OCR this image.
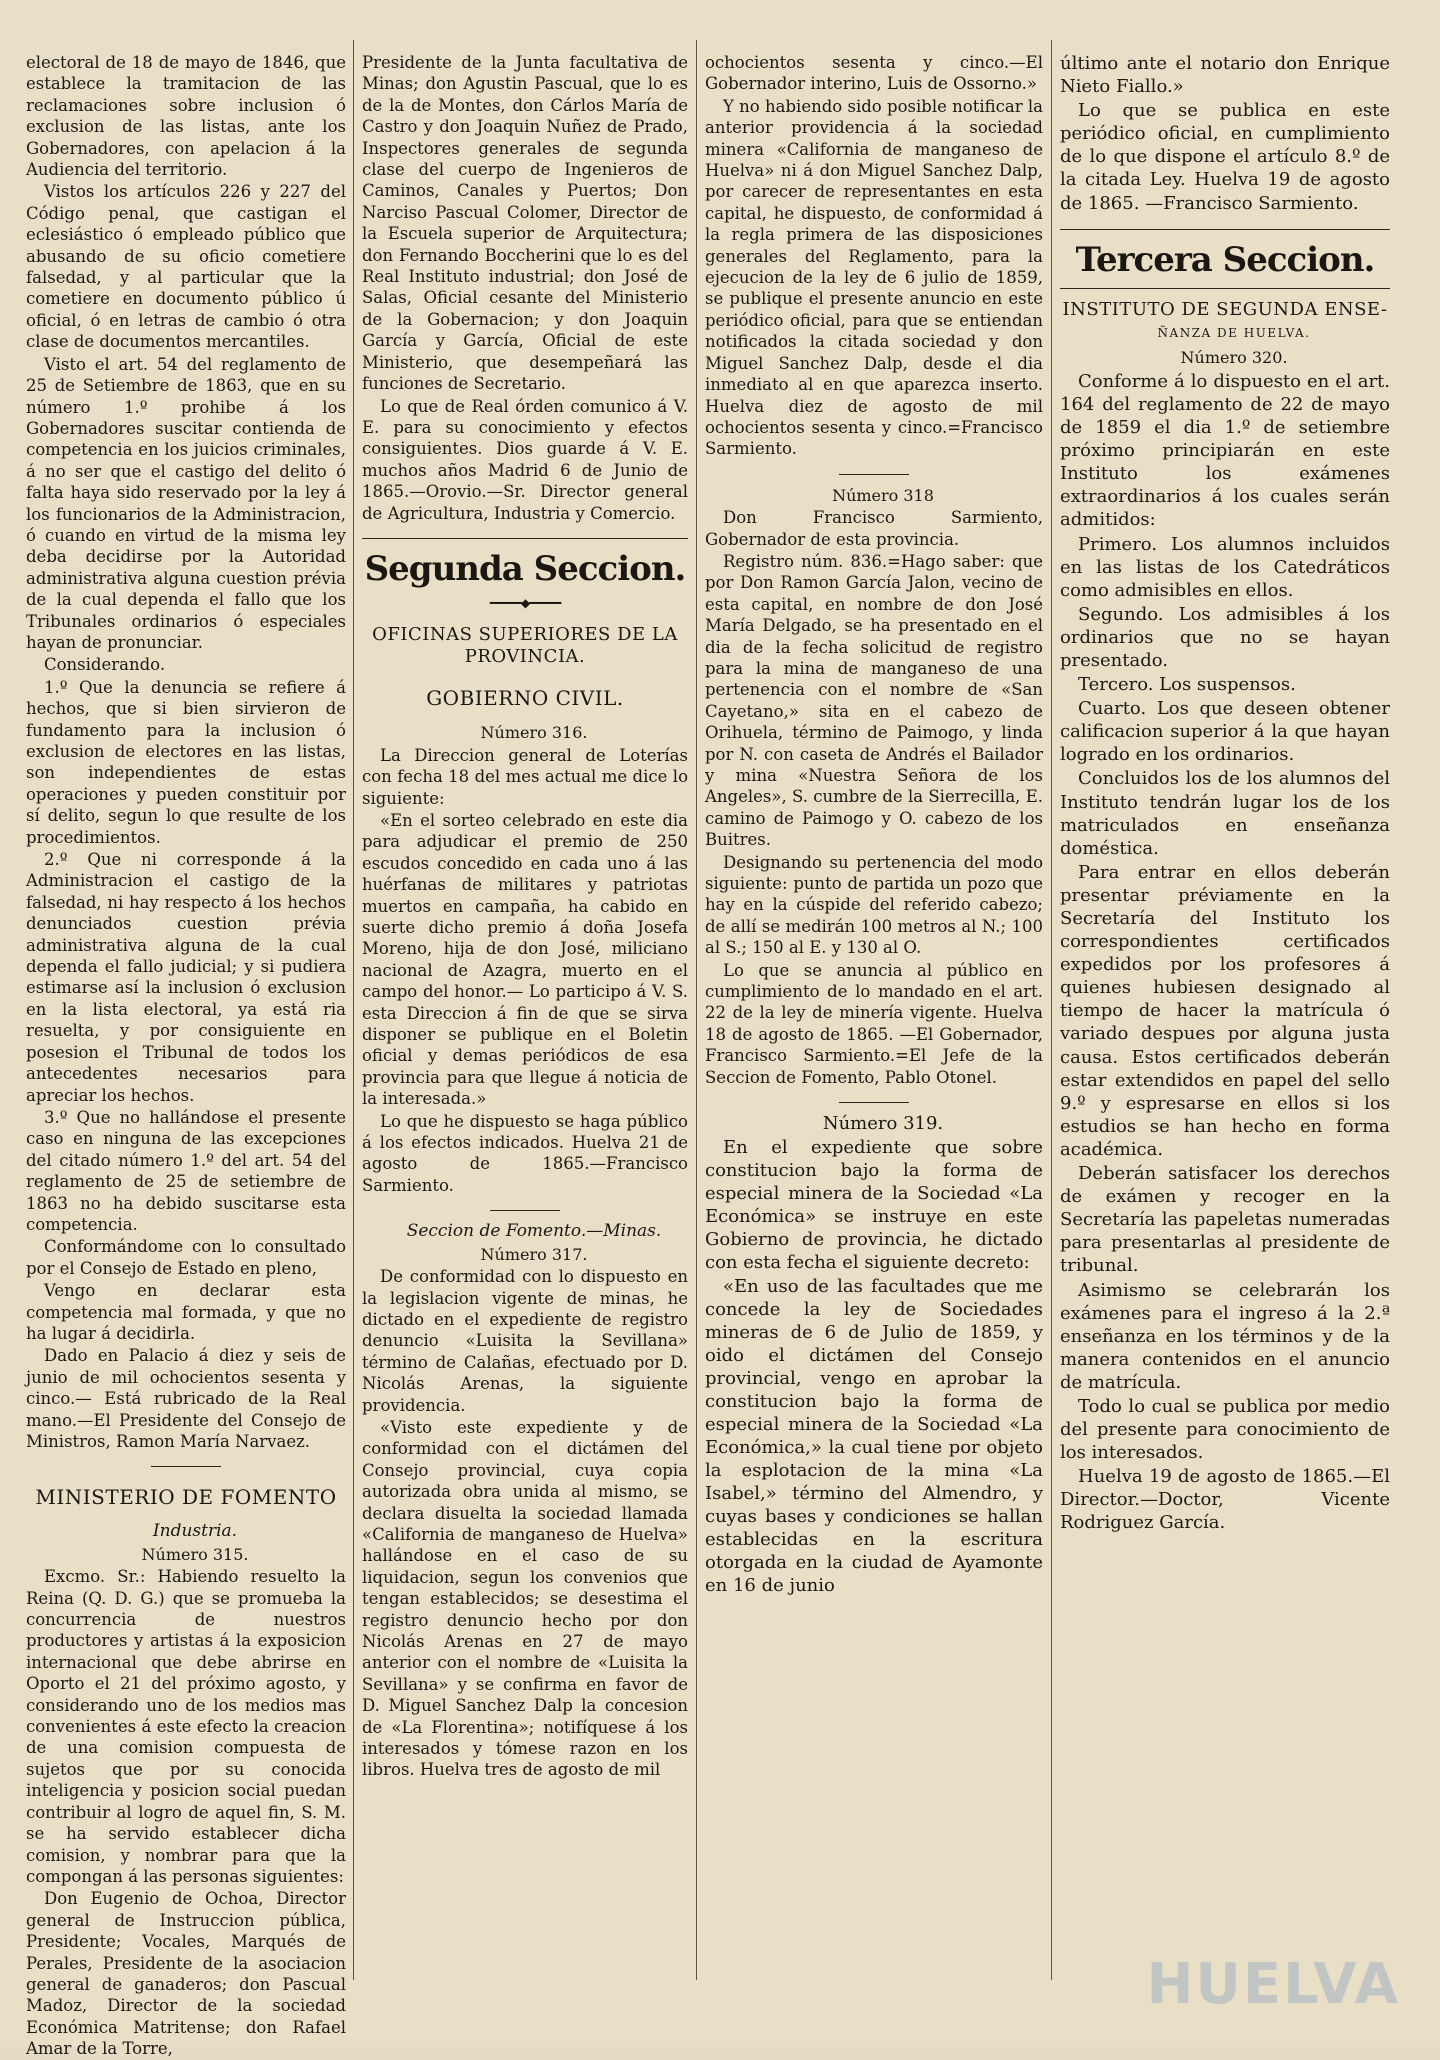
electoral de 18 de mayo de 1846, que establece la tramitacion de las reclamaciones sobre inclusion ó exclusion de las listas, ante los Gobernadores, con apelacion á la Audiencia del territorio.

Vistos los artículos 226 y 227 del Código penal, que castigan el eclesiástico ó empleado público que abusando de su oficio cometiere falsedad, y al particular que la cometiere en documento público ú oficial, ó en letras de cambio ó otra clase de documentos mercantiles.

Visto el art. 54 del reglamento de 25 de Setiembre de 1863, que en su número 1.º prohibe á los Gobernadores suscitar contienda de competencia en los juicios criminales, á no ser que el castigo del delito ó falta haya sido reservado por la ley á los funcionarios de la Administracion, ó cuando en virtud de la misma ley deba decidirse por la Autoridad administrativa alguna cuestion prévia de la cual dependa el fallo que los Tribunales ordinarios ó especiales hayan de pronunciar.

Considerando.

1.º Que la denuncia se refiere á hechos, que si bien sirvieron de fundamento para la inclusion ó exclusion de electores en las listas, son independientes de estas operaciones y pueden constituir por sí delito, segun lo que resulte de los procedimientos.

2.º Que ni corresponde á la Administracion el castigo de la falsedad, ni hay respecto á los hechos denunciados cuestion prévia administrativa alguna de la cual dependa el fallo judicial; y si pudiera estimarse así la inclusion ó exclusion en la lista electoral, ya está ria resuelta, y por consiguiente en posesion el Tribunal de todos los antecedentes necesarios para apreciar los hechos.

3.º Que no hallándose el presente caso en ninguna de las excepciones del citado número 1.º del art. 54 del reglamento de 25 de setiembre de 1863 no ha debido suscitarse esta competencia.

Conformándome con lo consultado por el Consejo de Estado en pleno,

Vengo en declarar esta competencia mal formada, y que no ha lugar á decidirla.

Dado en Palacio á diez y seis de junio de mil ochocientos sesenta y cinco.— Está rubricado de la Real mano.—El Presidente del Consejo de Ministros, Ramon María Narvaez.

MINISTERIO DE FOMENTO

Industria.

Número 315.

Excmo. Sr.: Habiendo resuelto la Reina (Q. D. G.) que se promueba la concurrencia de nuestros productores y artistas á la exposicion internacional que debe abrirse en Oporto el 21 del próximo agosto, y considerando uno de los medios mas convenientes á este efecto la creacion de una comision compuesta de sujetos que por su conocida inteligencia y posicion social puedan contribuir al logro de aquel fin, S. M. se ha servido establecer dicha comision, y nombrar para que la compongan á las personas siguientes:

Don Eugenio de Ochoa, Director general de Instruccion pública, Presidente; Vocales, Marqués de Perales, Presidente de la asociacion general de ganaderos; don Pascual Madoz, Director de la sociedad Económica Matritense; don Rafael Amar de la Torre,

Presidente de la Junta facultativa de Minas; don Agustin Pascual, que lo es de la de Montes, don Cárlos María de Castro y don Joaquin Nuñez de Prado, Inspectores generales de segunda clase del cuerpo de Ingenieros de Caminos, Canales y Puertos; Don Narciso Pascual Colomer, Director de la Escuela superior de Arquitectura; don Fernando Boccherini que lo es del Real Instituto industrial; don José de Salas, Oficial cesante del Ministerio de la Gobernacion; y don Joaquin García y García, Oficial de este Ministerio, que desempeñará las funciones de Secretario.

Lo que de Real órden comunico á V. E. para su conocimiento y efectos consiguientes. Dios guarde á V. E. muchos años Madrid 6 de Junio de 1865.—Orovio.—Sr. Director general de Agricultura, Industria y Comercio.

Segunda Seccion.
━━━━━◆━━━━━

OFICINAS SUPERIORES DE LA PROVINCIA.

GOBIERNO CIVIL.

Número 316.

La Direccion general de Loterías con fecha 18 del mes actual me dice lo siguiente:

«En el sorteo celebrado en este dia para adjudicar el premio de 250 escudos concedido en cada uno á las huérfanas de militares y patriotas muertos en campaña, ha cabido en suerte dicho premio á doña Josefa Moreno, hija de don José, miliciano nacional de Azagra, muerto en el campo del honor.— Lo participo á V. S. esta Direccion á fin de que se sirva disponer se publique en el Boletin oficial y demas periódicos de esa provincia para que llegue á noticia de la interesada.»

Lo que he dispuesto se haga público á los efectos indicados. Huelva 21 de agosto de 1865.—Francisco Sarmiento.

Seccion de Fomento.—Minas.

Número 317.

De conformidad con lo dispuesto en la legislacion vigente de minas, he dictado en el expediente de registro denuncio «Luisita la Sevillana» término de Calañas, efectuado por D. Nicolás Arenas, la siguiente providencia.

«Visto este expediente y de conformidad con el dictámen del Consejo provincial, cuya copia autorizada obra unida al mismo, se declara disuelta la sociedad llamada «California de manganeso de Huelva» hallándose en el caso de su liquidacion, segun los convenios que tengan establecidos; se desestima el registro denuncio hecho por don Nicolás Arenas en 27 de mayo anterior con el nombre de «Luisita la Sevillana» y se confirma en favor de D. Miguel Sanchez Dalp la concesion de «La Florentina»; notifíquese á los interesados y tómese razon en los libros. Huelva tres de agosto de mil

ochocientos sesenta y cinco.—El Gobernador interino, Luis de Ossorno.»

Y no habiendo sido posible notificar la anterior providencia á la sociedad minera «California de manganeso de Huelva» ni á don Miguel Sanchez Dalp, por carecer de representantes en esta capital, he dispuesto, de conformidad á la regla primera de las disposiciones generales del Reglamento, para la ejecucion de la ley de 6 julio de 1859, se publique el presente anuncio en este periódico oficial, para que se entiendan notificados la citada sociedad y don Miguel Sanchez Dalp, desde el dia inmediato al en que aparezca inserto. Huelva diez de agosto de mil ochocientos sesenta y cinco.=Francisco Sarmiento.

Número 318

Don Francisco Sarmiento, Gobernador de esta provincia.

Registro núm. 836.=Hago saber: que por Don Ramon García Jalon, vecino de esta capital, en nombre de don José María Delgado, se ha presentado en el dia de la fecha solicitud de registro para la mina de manganeso de una pertenencia con el nombre de «San Cayetano,» sita en el cabezo de Orihuela, término de Paimogo, y linda por N. con caseta de Andrés el Bailador y mina «Nuestra Señora de los Angeles», S. cumbre de la Sierrecilla, E. camino de Paimogo y O. cabezo de los Buitres.

Designando su pertenencia del modo siguiente: punto de partida un pozo que hay en la cúspide del referido cabezo; de allí se medirán 100 metros al N.; 100 al S.; 150 al E. y 130 al O.

Lo que se anuncia al público en cumplimiento de lo mandado en el art. 22 de la ley de minería vigente. Huelva 18 de agosto de 1865. —El Gobernador, Francisco Sarmiento.=El Jefe de la Seccion de Fomento, Pablo Otonel.

Número 319.

En el expediente que sobre constitucion bajo la forma de especial minera de la Sociedad «La Económica» se instruye en este Gobierno de provincia, he dictado con esta fecha el siguiente decreto:

«En uso de las facultades que me concede la ley de Sociedades mineras de 6 de Julio de 1859, y oido el dictámen del Consejo provincial, vengo en aprobar la constitucion bajo la forma de especial minera de la Sociedad «La Económica,» la cual tiene por objeto la esplotacion de la mina «La Isabel,» término del Almendro, y cuyas bases y condiciones se hallan establecidas en la escritura otorgada en la ciudad de Ayamonte en 16 de junio

último ante el notario don Enrique Nieto Fiallo.»

Lo que se publica en este periódico oficial, en cumplimiento de lo que dispone el artículo 8.º de la citada Ley. Huelva 19 de agosto de 1865. —Francisco Sarmiento.

Tercera Seccion.

INSTITUTO DE SEGUNDA ENSE-

ÑANZA DE HUELVA.

Número 320.

Conforme á lo dispuesto en el art. 164 del reglamento de 22 de mayo de 1859 el dia 1.º de setiembre próximo principiarán en este Instituto los exámenes extraordinarios á los cuales serán admitidos:

Primero. Los alumnos incluidos en las listas de los Catedráticos como admisibles en ellos.

Segundo. Los admisibles á los ordinarios que no se hayan presentado.

Tercero. Los suspensos.

Cuarto. Los que deseen obtener calificacion superior á la que hayan logrado en los ordinarios.

Concluidos los de los alumnos del Instituto tendrán lugar los de los matriculados en enseñanza doméstica.

Para entrar en ellos deberán presentar préviamente en la Secretaría del Instituto los correspondientes certificados expedidos por los profesores á quienes hubiesen designado al tiempo de hacer la matrícula ó variado despues por alguna justa causa. Estos certificados deberán estar extendidos en papel del sello 9.º y espresarse en ellos si los estudios se han hecho en forma académica.

Deberán satisfacer los derechos de exámen y recoger en la Secretaría las papeletas numeradas para presentarlas al presidente de tribunal.

Asimismo se celebrarán los exámenes para el ingreso á la 2.ª enseñanza en los términos y de la manera contenidos en el anuncio de matrícula.

Todo lo cual se publica por medio del presente para conocimiento de los interesados.

Huelva 19 de agosto de 1865.—El Director.—Doctor, Vicente Rodriguez García.

HUELVA
